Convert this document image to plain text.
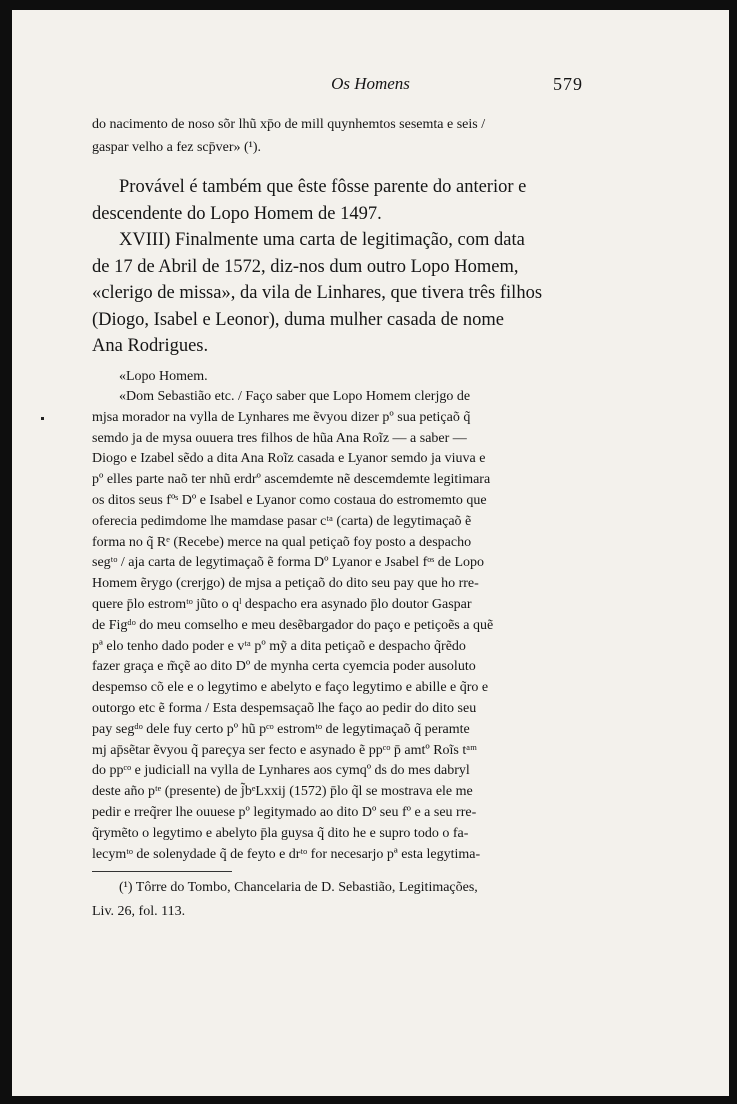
Os Homens	579

do nacimento de noso sõr lhũ xp̄o de mill quynhemtos sesemta e seis /

gaspar velho a fez scp̄ver» (¹).

Provável é também que êste fôsse parente do anterior e

descendente do Lopo Homem de 1497.

XVIII) Finalmente uma carta de legitimação, com data

de 17 de Abril de 1572, diz-nos dum outro Lopo Homem,

«clerigo de missa», da vila de Linhares, que tivera três filhos

(Diogo, Isabel e Leonor), duma mulher casada de nome

Ana Rodrigues.

«Lopo Homem.

«Dom Sebastião etc. / Faço saber que Lopo Homem clerjgo de

mjsa morador na vylla de Lynhares me ẽvyou dizer pº sua petiçaõ q̃

semdo ja de mysa ouuera tres filhos de hũa Ana Roĩz — a saber —

Diogo e Izabel sẽdo a dita Ana Roĩz casada e Lyanor semdo ja viuva e

pº elles parte naõ ter nhũ erdrº ascemdemte nẽ descemdemte legitimara

os ditos seus fºˢ Dº e Isabel e Lyanor como costaua do estromemto que

oferecia pedimdome lhe mamdase pasar cᵗᵃ (carta) de legytimaçaõ ẽ

forma no q̃ Rᵉ (Recebe) merce na qual petiçaõ foy posto a despacho

segᵗᵒ / aja carta de legytimaçaõ ẽ forma Dº Lyanor e Jsabel fᵒˢ de Lopo

Homem ẽrygo (crerjgo) de mjsa a petiçaõ do dito seu pay que ho rre-

quere p̄lo estromᵗᵒ jũto o qˡ despacho era asynado p̄lo doutor Gaspar

de Figᵈᵒ do meu comselho e meu desẽbargador do paço e petiçoẽs a quẽ

pª elo tenho dado poder e vᵗᵃ pº mỹ a dita petiçaõ e despacho q̃rẽdo

fazer graça e m̃çẽ ao dito Dº de mynha certa cyemcia poder ausoluto

despemso cõ ele e o legytimo e abelyto e faço legytimo e abille e q̃ro e

outorgo etc ẽ forma / Esta despemsaçaõ lhe faço ao pedir do dito seu

pay segᵈᵒ dele fuy certo pº hũ pᶜᵒ estromᵗᵒ de legytimaçaõ q̃ peramte

mj ap̄sẽtar ẽvyou q̃ pareçya ser fecto e asynado ẽ ppᶜᵒ p̄ amtº Roĩs tᵃᵐ

do ppᶜᵒ e judiciall na vylla de Lynhares aos cymqº ds do mes dabryl

deste año pᵗᵉ (presente) de j̃bᵉLxxij (1572) p̄lo q̃l se mostrava ele me

pedir e rreq̃rer lhe ouuese pº legitymado ao dito Dº seu fº e a seu rre-

q̃rymẽto o legytimo e abelyto p̄la guysa q̃ dito he e supro todo o fa-

lecymᵗᵒ de solenydade q̃ de feyto e drᵗᵒ for necesarjo pª esta legytima-

(¹) Tôrre do Tombo, Chancelaria de D. Sebastião, Legitimações,

Liv. 26, fol. 113.
